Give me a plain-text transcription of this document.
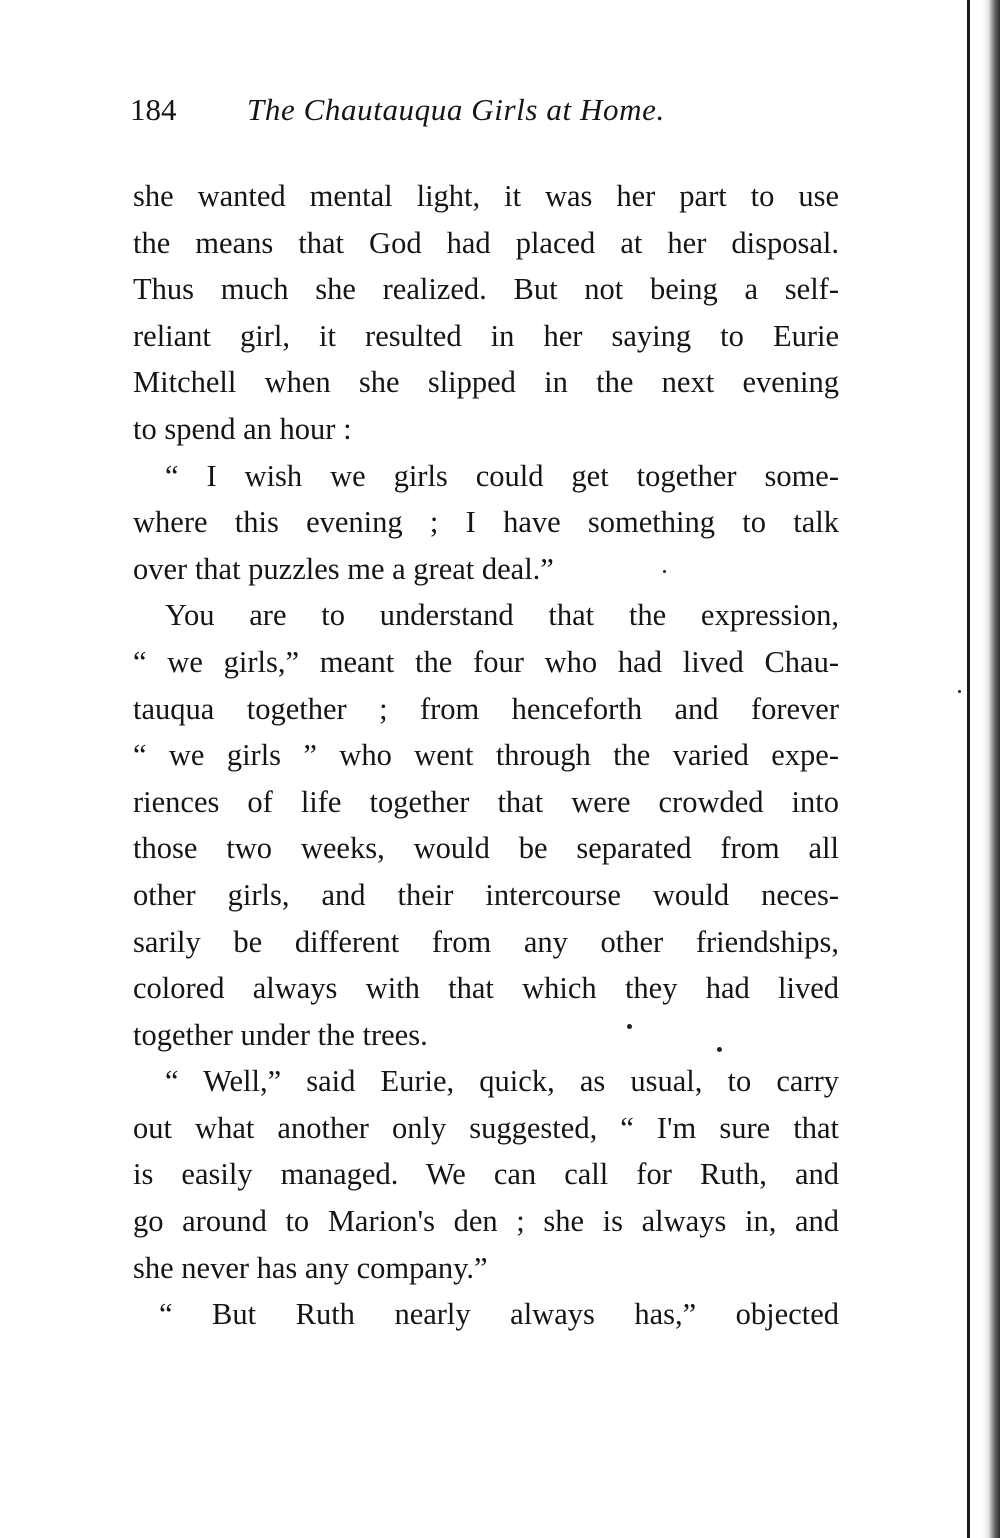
184 The Chautauqua Girls at Home.
she wanted mental light, it was her part to use
the means that God had placed at her disposal.
Thus much she realized. But not being a self-
reliant girl, it resulted in her saying to Eurie
Mitchell when she slipped in the next evening
to spend an hour :
“ I wish we girls could get together some-
where this evening ; I have something to talk
over that puzzles me a great deal.”
You are to understand that the expression,
“ we girls,” meant the four who had lived Chau-
tauqua together ; from henceforth and forever
“ we girls ” who went through the varied expe-
riences of life together that were crowded into
those two weeks, would be separated from all
other girls, and their intercourse would neces-
sarily be different from any other friendships,
colored always with that which they had lived
together under the trees.
“ Well,” said Eurie, quick, as usual, to carry
out what another only suggested, “ I'm sure that
is easily managed. We can call for Ruth, and
go around to Marion's den ; she is always in, and
she never has any company.”
“ But Ruth nearly always has,” objected
